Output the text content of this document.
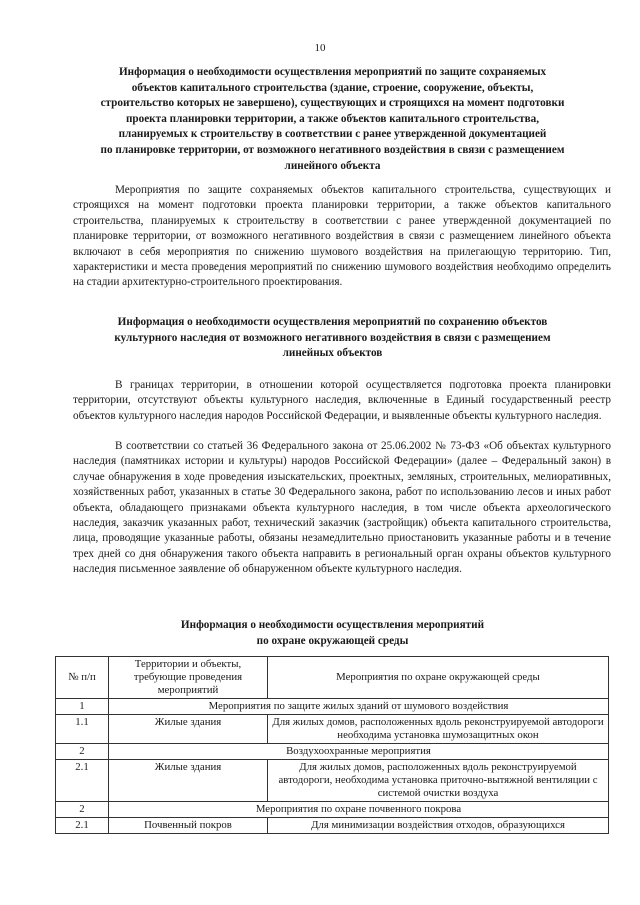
10
Информация о необходимости осуществления мероприятий по защите сохраняемых
объектов капитального строительства (здание, строение, сооружение, объекты,
строительство которых не завершено), существующих и строящихся на момент подготовки
проекта планировки территории, а также объектов капитального строительства,
планируемых к строительству в соответствии с ранее утвержденной документацией
по планировке территории, от возможного негативного воздействия в связи с размещением
линейного объекта

Мероприятия по защите сохраняемых объектов капитального строительства, существующих и строящихся на момент подготовки проекта планировки территории, а также объектов капитального строительства, планируемых к строительству в соответствии с ранее утвержденной документацией по планировке территории, от возможного негативного воздействия в связи с размещением линейного объекта включают в себя мероприятия по снижению шумового воздействия на прилегающую территорию. Тип, характеристики и места проведения мероприятий по снижению шумового воздействия необходимо определить на стадии архитектурно-строительного проектирования.

Информация о необходимости осуществления мероприятий по сохранению объектов
культурного наследия от возможного негативного воздействия в связи с размещением
линейных объектов

В границах территории, в отношении которой осуществляется подготовка проекта планировки территории, отсутствуют объекты культурного наследия, включенные в Единый государственный реестр объектов культурного наследия народов Российской Федерации, и выявленные объекты культурного наследия.

В соответствии со статьей 36 Федерального закона от 25.06.2002 № 73-ФЗ «Об объектах культурного наследия (памятниках истории и культуры) народов Российской Федерации» (далее – Федеральный закон) в случае обнаружения в ходе проведения изыскательских, проектных, земляных, строительных, мелиоративных, хозяйственных работ, указанных в статье 30 Федерального закона, работ по использованию лесов и иных работ объекта, обладающего признаками объекта культурного наследия, в том числе объекта археологического наследия, заказчик указанных работ, технический заказчик (застройщик) объекта капитального строительства, лица, проводящие указанные работы, обязаны незамедлительно приостановить указанные работы и в течение трех дней со дня обнаружения такого объекта направить в региональный орган охраны объектов культурного наследия письменное заявление об обнаруженном объекте культурного наследия.

Информация о необходимости осуществления мероприятий
по охране окружающей среды
№ п/п	Территории и объекты, требующие проведения мероприятий	Мероприятия по охране окружающей среды
1	Мероприятия по защите жилых зданий от шумового воздействия	
1.1	Жилые здания	Для жилых домов, расположенных вдоль реконструируемой автодороги необходима установка шумозащитных окон
2	Воздухоохранные мероприятия	
2.1	Жилые здания	Для жилых домов, расположенных вдоль реконструируемой автодороги, необходима установка приточно-вытяжной вентиляции с системой очистки воздуха
2	Мероприятия по охране почвенного покрова	
2.1	Почвенный покров	Для минимизации воздействия отходов, образующихся
